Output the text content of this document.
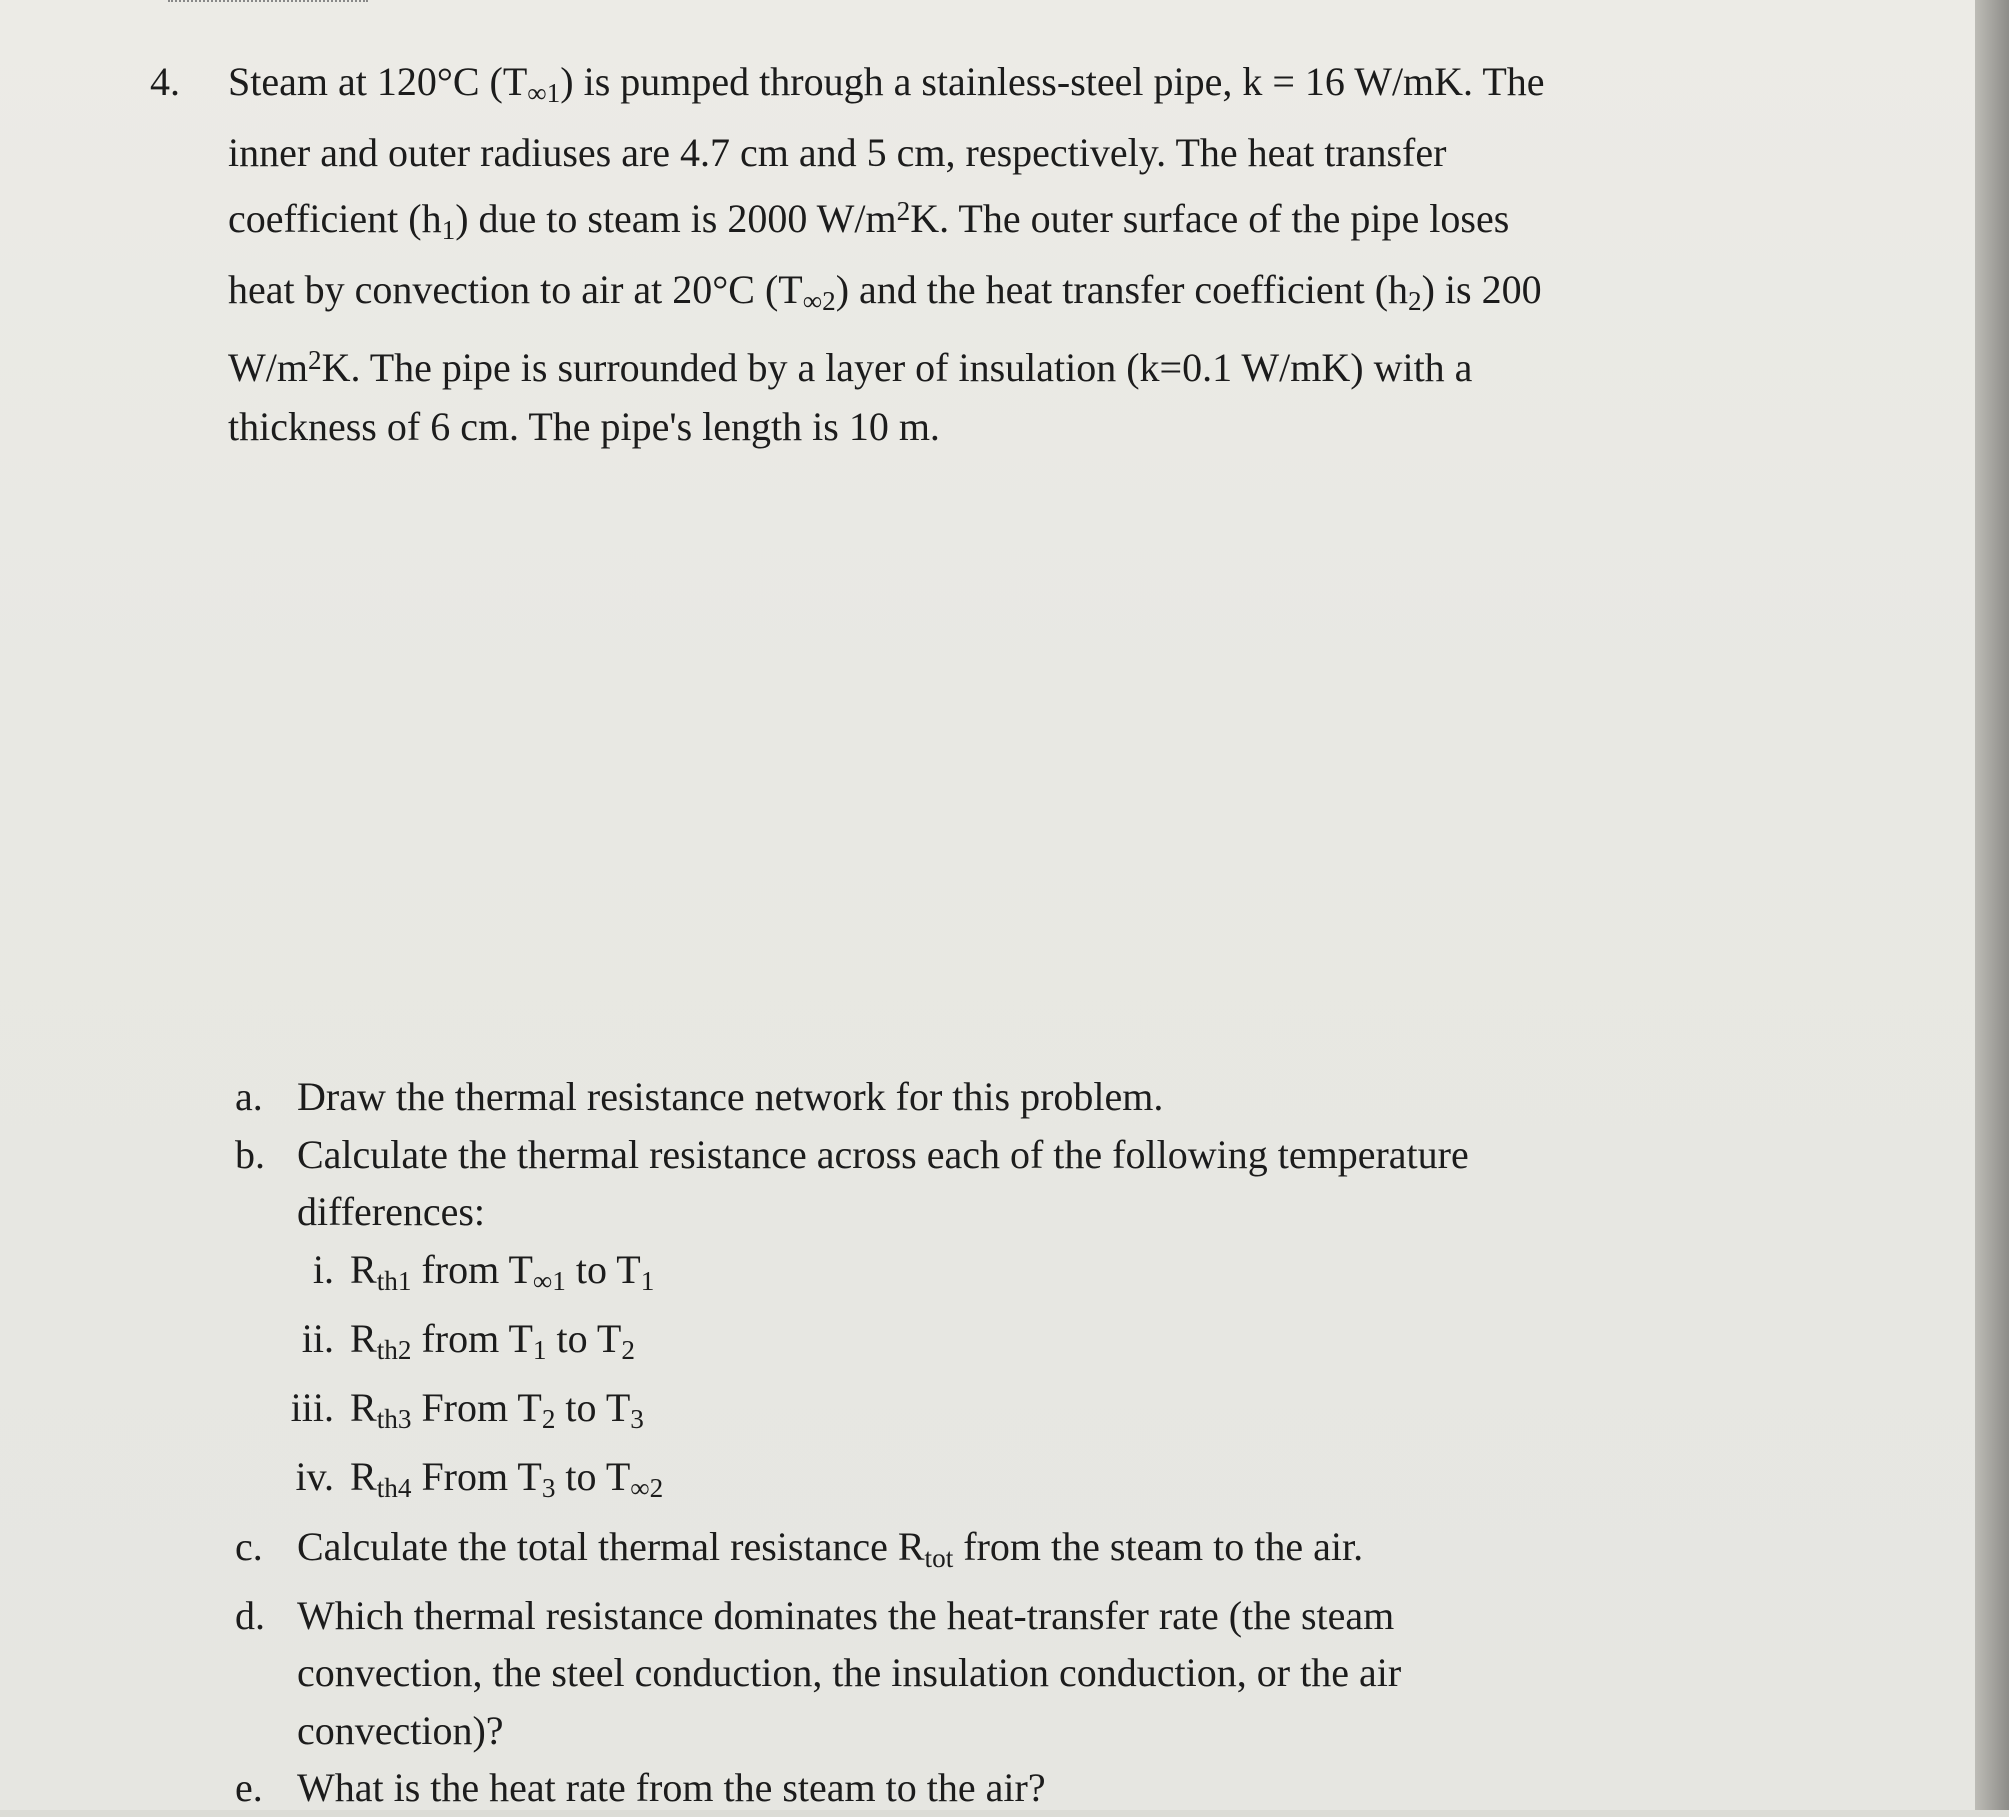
4. Steam at 120°C $(T_{\infty 1})$ is pumped through a stainless-steel pipe, k = 16 W/mK. The
inner and outer radiuses are 4.7 cm and 5 cm, respectively. The heat transfer
coefficient $(h_1)$ due to steam is 2000 $W/m^2K$. The outer surface of the pipe loses
heat by convection to air at 20°C $(T_{\infty 2})$ and the heat transfer coefficient $(h_2)$ is 200
$W/m^2K$. The pipe is surrounded by a layer of insulation (k=0.1 W/mK) with a
thickness of 6 cm. The pipe's length is 10 m.
a. Draw the thermal resistance network for this problem.
b. Calculate the thermal resistance across each of the following temperature
differences:
i. $R_{th1}$ from $T_{\infty 1}$ to $T_1$
ii. $R_{th2}$ from $T_1$ to $T_2$
iii. $R_{th3}$ From $T_2$ to $T_3$
iv. $R_{th4}$ From $T_3$ to $T_{\infty 2}$
c. Calculate the total thermal resistance $R_{tot}$ from the steam to the air.
d. Which thermal resistance dominates the heat-transfer rate (the steam
convection, the steel conduction, the insulation conduction, or the air
convection)?
e. What is the heat rate from the steam to the air?
